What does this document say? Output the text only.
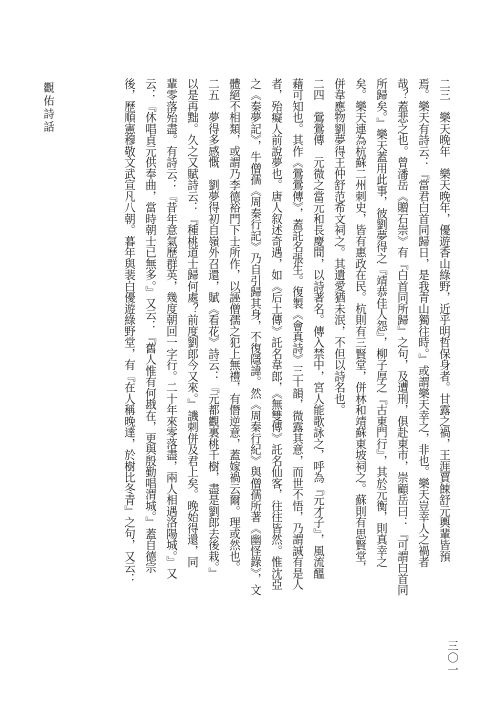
觀佑詩話
三〇一
二三　樂天晚年　樂天晚年，優遊香山綠野，近乎明哲保身者。甘露之禍，王涯賈餗舒元輿輩皆預
焉。樂天有詩云：『當君白首同歸日，是我青山獨往時。』或謂樂天幸之，非也。樂天豈幸人之禍者
哉？蓋悲之也。曾潘岳《贈石崇》有『白首同所歸』之句，及遭刑，俱赴東市，崇顧岳曰：『可謂白首同
所歸矣。』樂天蓋用此事，彼劉夢得之『靖恭佳人怨』，柳子厚之『古東門行』，其於元衡，則真幸之
矣。樂天連為杭蘇二州刺史，皆有惠政在民。杭則有三賢堂，併林和靖蘇東坡祠之。蘇則有思賢堂，
併韋應物劉夢得王仲舒范希文祠之。其遺愛猶未泯，不但以詩名也。
二四　鶯鶯傳　元微之當元和長慶間，以詩著名。傳入禁中，宮人能歌詠之，呼為『元才子』，風流醞
藉可知也。其作《鶯鶯傳》，蓋託名張生。復製《會真詩》三十韻，微露其意，而世不悟，乃謂誠有是人
者，殆癡人前說夢也。唐人叙述奇遇，如《后土傳》託名韋郎，《無雙傳》託名仙客，往往皆然。惟沈亞
之《秦夢記》，牛僧孺《周秦行記》乃自引歸其身，不復隱諱。然《周秦行紀》與僧孺所著《幽怪錄》，文
體絕不相類，或謂乃李德裕門下士所作，以誣僧孺之犯上無禮，有僭逆意，蓋嫁禍云爾。理或然也。
二五　夢得多感慨　劉夢得初自嶺外召還，賦《看花》詩云：『元都觀裏桃千樹，盡是劉郎去後栽。』
以是再黜。久之又賦詩云：『種桃道士歸何處？前度劉郎今又來。』譏刺併及君上矣。晚始得還，同
輩零落殆盡。有詩云：『昔年意氣歷群英，幾度朝回一字行。二十年來零落盡，兩人相遇洛陽城。』又
云：『休唱貞元供奉曲，當時朝士已無多。』又云：『舊人惟有何戡在，更與殷勤唱渭城。』蓋自德宗
後，歷順憲穆敬文武宣凡八朝。暮年與裴白優遊綠野堂，有『在人稱晚達，於樹比冬青』之句，又云：
